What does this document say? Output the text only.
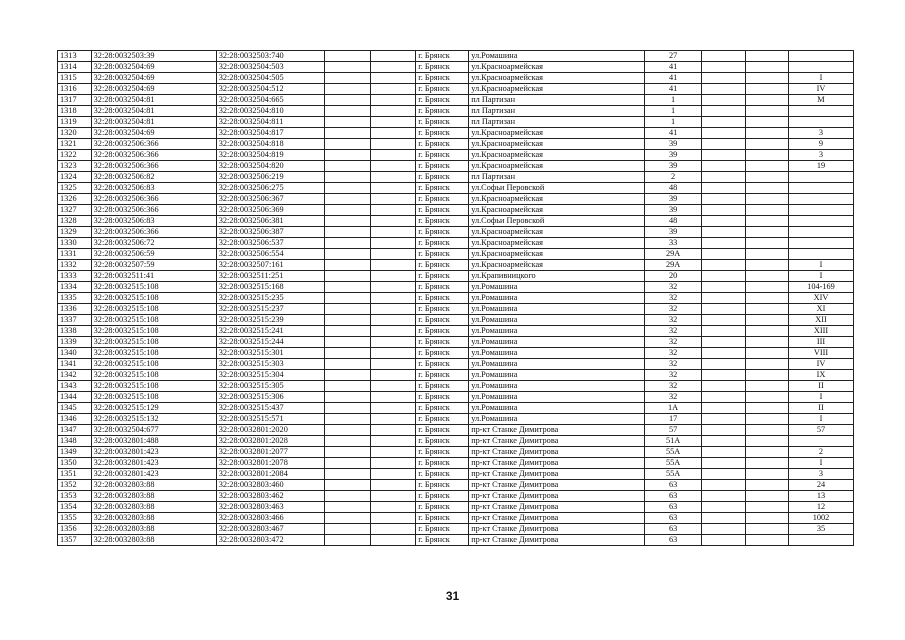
1313	32:28:0032503:39	32:28:0032503:740			г. Брянск	ул.Ромашина	27			
1314	32:28:0032504:69	32:28:0032504:503			г. Брянск	ул.Красноармейская	41			
1315	32:28:0032504:69	32:28:0032504:505			г. Брянск	ул.Красноармейская	41			I
1316	32:28:0032504:69	32:28:0032504:512			г. Брянск	ул.Красноармейская	41			IV
1317	32:28:0032504:81	32:28:0032504:665			г. Брянск	пл Партизан	1			М
1318	32:28:0032504:81	32:28:0032504:810			г. Брянск	пл Партизан	1			
1319	32:28:0032504:81	32:28:0032504:811			г. Брянск	пл Партизан	1			
1320	32:28:0032504:69	32:28:0032504:817			г. Брянск	ул.Красноармейская	41			3
1321	32:28:0032506:366	32:28:0032504:818			г. Брянск	ул.Красноармейская	39			9
1322	32:28:0032506:366	32:28:0032504:819			г. Брянск	ул.Красноармейская	39			3
1323	32:28:0032506:366	32:28:0032504:820			г. Брянск	ул.Красноармейская	39			19
1324	32:28:0032506:82	32:28:0032506:219			г. Брянск	пл Партизан	2			
1325	32:28:0032506:83	32:28:0032506:275			г. Брянск	ул.Софьи Перовской	48			
1326	32:28:0032506:366	32:28:0032506:367			г. Брянск	ул.Красноармейская	39			
1327	32:28:0032506:366	32:28:0032506:369			г. Брянск	ул.Красноармейская	39			
1328	32:28:0032506:83	32:28:0032506:381			г. Брянск	ул.Софьи Перовской	48			
1329	32:28:0032506:366	32:28:0032506:387			г. Брянск	ул.Красноармейская	39			
1330	32:28:0032506:72	32:28:0032506:537			г. Брянск	ул.Красноармейская	33			
1331	32:28:0032506:59	32:28:0032506:554			г. Брянск	ул.Красноармейская	29А			
1332	32:28:0032507:59	32:28:0032507:161			г. Брянск	ул.Красноармейская	29А			I
1333	32:28:0032511:41	32:28:0032511:251			г. Брянск	ул.Крапивницкого	20			I
1334	32:28:0032515:108	32:28:0032515:168			г. Брянск	ул.Ромашина	32			104-169
1335	32:28:0032515:108	32:28:0032515:235			г. Брянск	ул.Ромашина	32			XIV
1336	32:28:0032515:108	32:28:0032515:237			г. Брянск	ул.Ромашина	32			XI
1337	32:28:0032515:108	32:28:0032515:239			г. Брянск	ул.Ромашина	32			XII
1338	32:28:0032515:108	32:28:0032515:241			г. Брянск	ул.Ромашина	32			XIII
1339	32:28:0032515:108	32:28:0032515:244			г. Брянск	ул.Ромашина	32			III
1340	32:28:0032515:108	32:28:0032515:301			г. Брянск	ул.Ромашина	32			VIII
1341	32:28:0032515:108	32:28:0032515:303			г. Брянск	ул.Ромашина	32			IV
1342	32:28:0032515:108	32:28:0032515:304			г. Брянск	ул.Ромашина	32			IX
1343	32:28:0032515:108	32:28:0032515:305			г. Брянск	ул.Ромашина	32			II
1344	32:28:0032515:108	32:28:0032515:306			г. Брянск	ул.Ромашина	32			I
1345	32:28:0032515:129	32:28:0032515:437			г. Брянск	ул.Ромашина	1А			II
1346	32:28:0032515:132	32:28:0032515:571			г. Брянск	ул.Ромашина	17			I
1347	32:28:0032504:677	32:28:0032801:2020			г. Брянск	пр-кт Станке Димитрова	57			57
1348	32:28:0032801:488	32:28:0032801:2028			г. Брянск	пр-кт Станке Димитрова	51А			
1349	32:28:0032801:423	32:28:0032801:2077			г. Брянск	пр-кт Станке Димитрова	55А			2
1350	32:28:0032801:423	32:28:0032801:2078			г. Брянск	пр-кт Станке Димитрова	55А			I
1351	32:28:0032801:423	32:28:0032801:2084			г. Брянск	пр-кт Станке Димитрова	55А			3
1352	32:28:0032803:88	32:28:0032803:460			г. Брянск	пр-кт Станке Димитрова	63			24
1353	32:28:0032803:88	32:28:0032803:462			г. Брянск	пр-кт Станке Димитрова	63			13
1354	32:28:0032803:88	32:28:0032803:463			г. Брянск	пр-кт Станке Димитрова	63			12
1355	32:28:0032803:88	32:28:0032803:466			г. Брянск	пр-кт Станке Димитрова	63			1002
1356	32:28:0032803:88	32:28:0032803:467			г. Брянск	пр-кт Станке Димитрова	63			35
1357	32:28:0032803:88	32:28:0032803:472			г. Брянск	пр-кт Станке Димитрова	63			
31
